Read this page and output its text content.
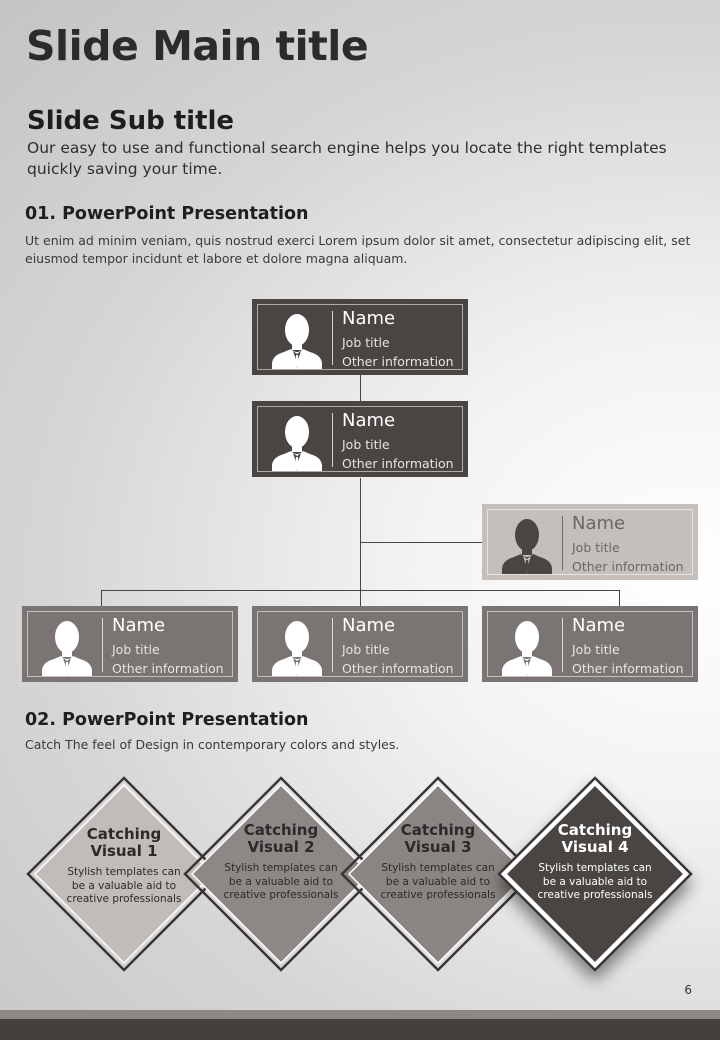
Slide Main title
Slide Sub title
Our easy to use and functional search engine helps you locate the right templates quickly saving your time.
01. PowerPoint Presentation
Ut enim ad minim veniam, quis nostrud exerci Lorem ipsum dolor sit amet, consectetur adipiscing elit, set eiusmod tempor incidunt et labore et dolore magna aliquam.
Name
Job title
Other information
Name
Job title
Other information
Name
Job title
Other information
Name
Job title
Other information
Name
Job title
Other information
Name
Job title
Other information
02. PowerPoint Presentation
Catch The feel of Design in contemporary colors and styles.
Catching Visual 1
Stylish templates can be a valuable aid to creative professionals
Catching Visual 2
Stylish templates can be a valuable aid to creative professionals
Catching Visual 3
Stylish templates can be a valuable aid to creative professionals
Catching Visual 4
Stylish templates can be a valuable aid to creative professionals
6
